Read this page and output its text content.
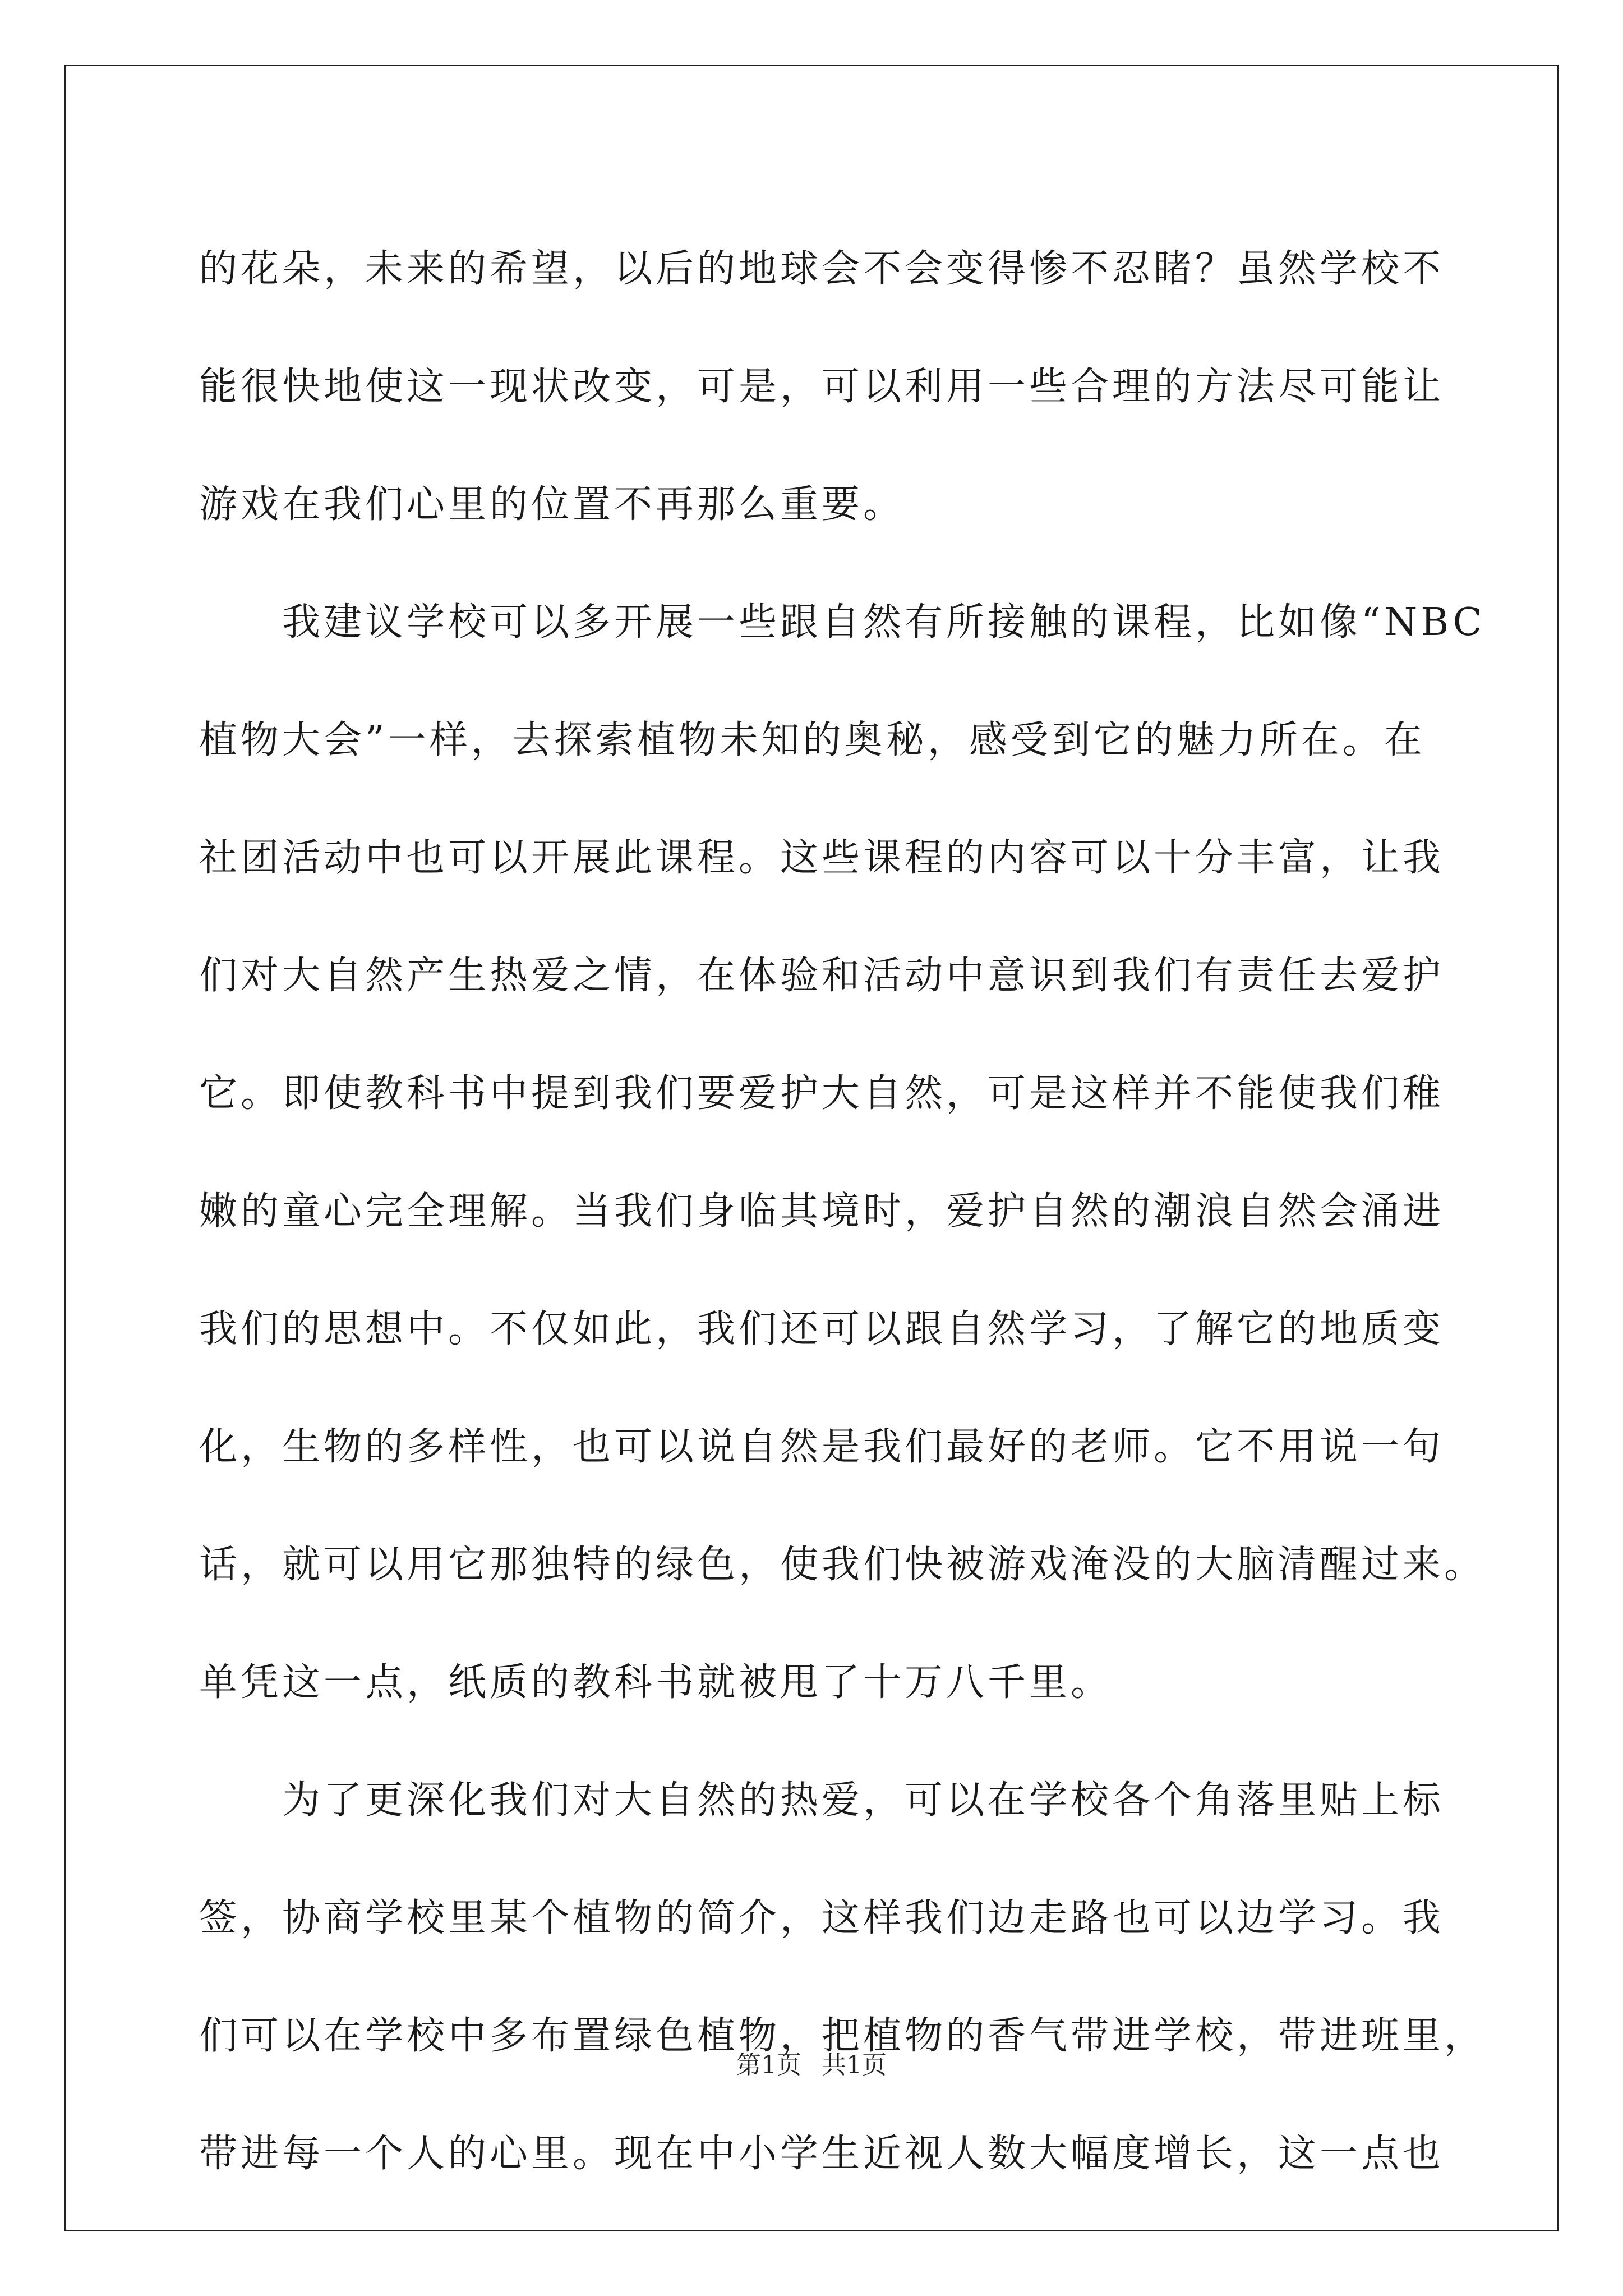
的花朵，未来的希望，以后的地球会不会变得惨不忍睹？虽然学校不
能很快地使这一现状改变，可是，可以利用一些合理的方法尽可能让
游戏在我们心里的位置不再那么重要。
我建议学校可以多开展一些跟自然有所接触的课程，比如像“NBC
植物大会”一样，去探索植物未知的奥秘，感受到它的魅力所在。在
社团活动中也可以开展此课程。这些课程的内容可以十分丰富，让我
们对大自然产生热爱之情，在体验和活动中意识到我们有责任去爱护
它。即使教科书中提到我们要爱护大自然，可是这样并不能使我们稚
嫩的童心完全理解。当我们身临其境时，爱护自然的潮浪自然会涌进
我们的思想中。不仅如此，我们还可以跟自然学习，了解它的地质变
化，生物的多样性，也可以说自然是我们最好的老师。它不用说一句
话，就可以用它那独特的绿色，使我们快被游戏淹没的大脑清醒过来。
单凭这一点，纸质的教科书就被甩了十万八千里。
为了更深化我们对大自然的热爱，可以在学校各个角落里贴上标
签，协商学校里某个植物的简介，这样我们边走路也可以边学习。我
们可以在学校中多布置绿色植物，把植物的香气带进学校，带进班里，
带进每一个人的心里。现在中小学生近视人数大幅度增长，这一点也
第1页 共1页
